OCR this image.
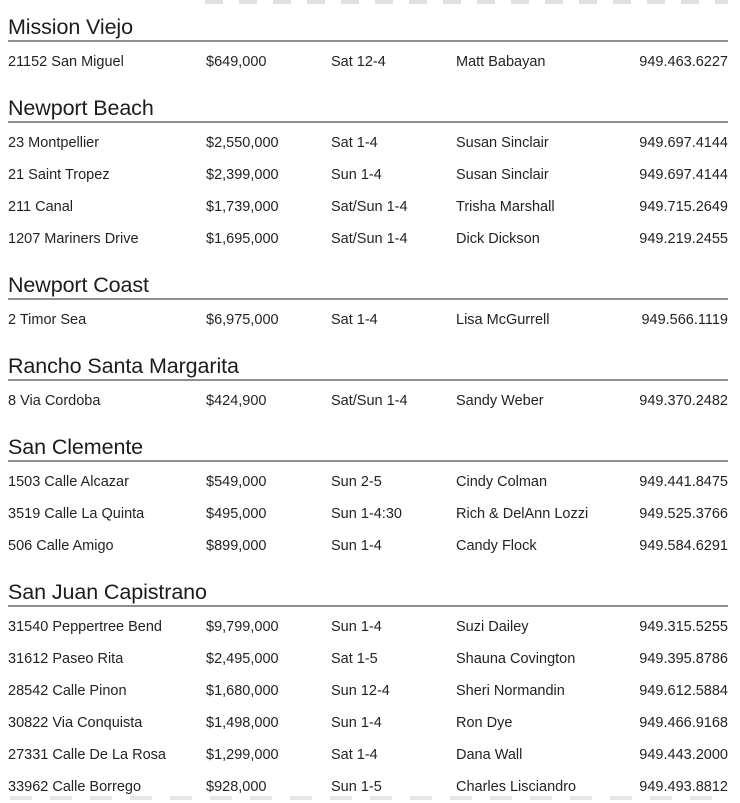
Mission Viejo
21152 San Miguel	$649,000	Sat 12-4	Matt Babayan	949.463.6227
Newport Beach
23 Montpellier	$2,550,000	Sat 1-4	Susan Sinclair	949.697.4144
21 Saint Tropez	$2,399,000	Sun 1-4	Susan Sinclair	949.697.4144
211 Canal	$1,739,000	Sat/Sun 1-4	Trisha Marshall	949.715.2649
1207 Mariners Drive	$1,695,000	Sat/Sun 1-4	Dick Dickson	949.219.2455
Newport Coast
2 Timor Sea	$6,975,000	Sat 1-4	Lisa McGurrell	949.566.1119
Rancho Santa Margarita
8 Via Cordoba	$424,900	Sat/Sun 1-4	Sandy Weber	949.370.2482
San Clemente
1503 Calle Alcazar	$549,000	Sun 2-5	Cindy Colman	949.441.8475
3519 Calle La Quinta	$495,000	Sun 1-4:30	Rich & DelAnn Lozzi	949.525.3766
506 Calle Amigo	$899,000	Sun 1-4	Candy Flock	949.584.6291
San Juan Capistrano
31540 Peppertree Bend	$9,799,000	Sun 1-4	Suzi Dailey	949.315.5255
31612 Paseo Rita	$2,495,000	Sat 1-5	Shauna Covington	949.395.8786
28542 Calle Pinon	$1,680,000	Sun 12-4	Sheri Normandin	949.612.5884
30822 Via Conquista	$1,498,000	Sun 1-4	Ron Dye	949.466.9168
27331 Calle De La Rosa	$1,299,000	Sat 1-4	Dana Wall	949.443.2000
33962 Calle Borrego	$928,000	Sun 1-5	Charles Lisciandro	949.493.8812
